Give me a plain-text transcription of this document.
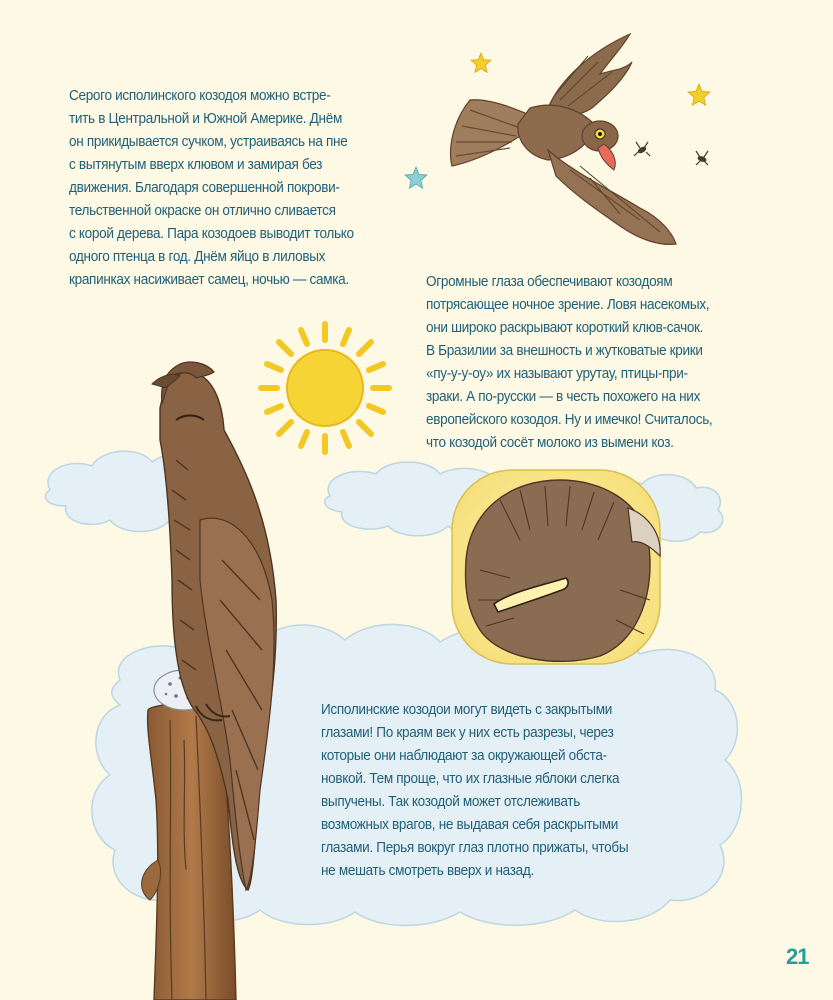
Серого исполинского козодоя можно встре-
тить в Центральной и Южной Америке. Днём
он прикидывается сучком, устраиваясь на пне
с вытянутым вверх клювом и замирая без
движения. Благодаря совершенной покрови-
тельственной окраске он отлично сливается
с корой дерева. Пара козодоев выводит только
одного птенца в год. Днём яйцо в лиловых
крапинках насиживает самец, ночью — самка.	Огромные глаза обеспечивают козодоям
потрясающее ночное зрение. Ловя насекомых,
они широко раскрывают короткий клюв-сачок.
В Бразилии за внешность и жутковатые крики
«пу-у-у-оу» их называют урутау, птицы-при-
зраки. А по-русски — в честь похожего на них
европейского козодоя. Ну и имечко! Считалось,
что козодой сосёт молоко из вымени коз.
Исполинские козодои могут видеть с закрытыми
глазами! По краям век у них есть разрезы, через
которые они наблюдают за окружающей обста-
новкой. Тем проще, что их глазные яблоки слегка
выпучены. Так козодой может отслеживать
возможных врагов, не выдавая себя раскрытыми
глазами. Перья вокруг глаз плотно прижаты, чтобы
не мешать смотреть вверх и назад.
21
